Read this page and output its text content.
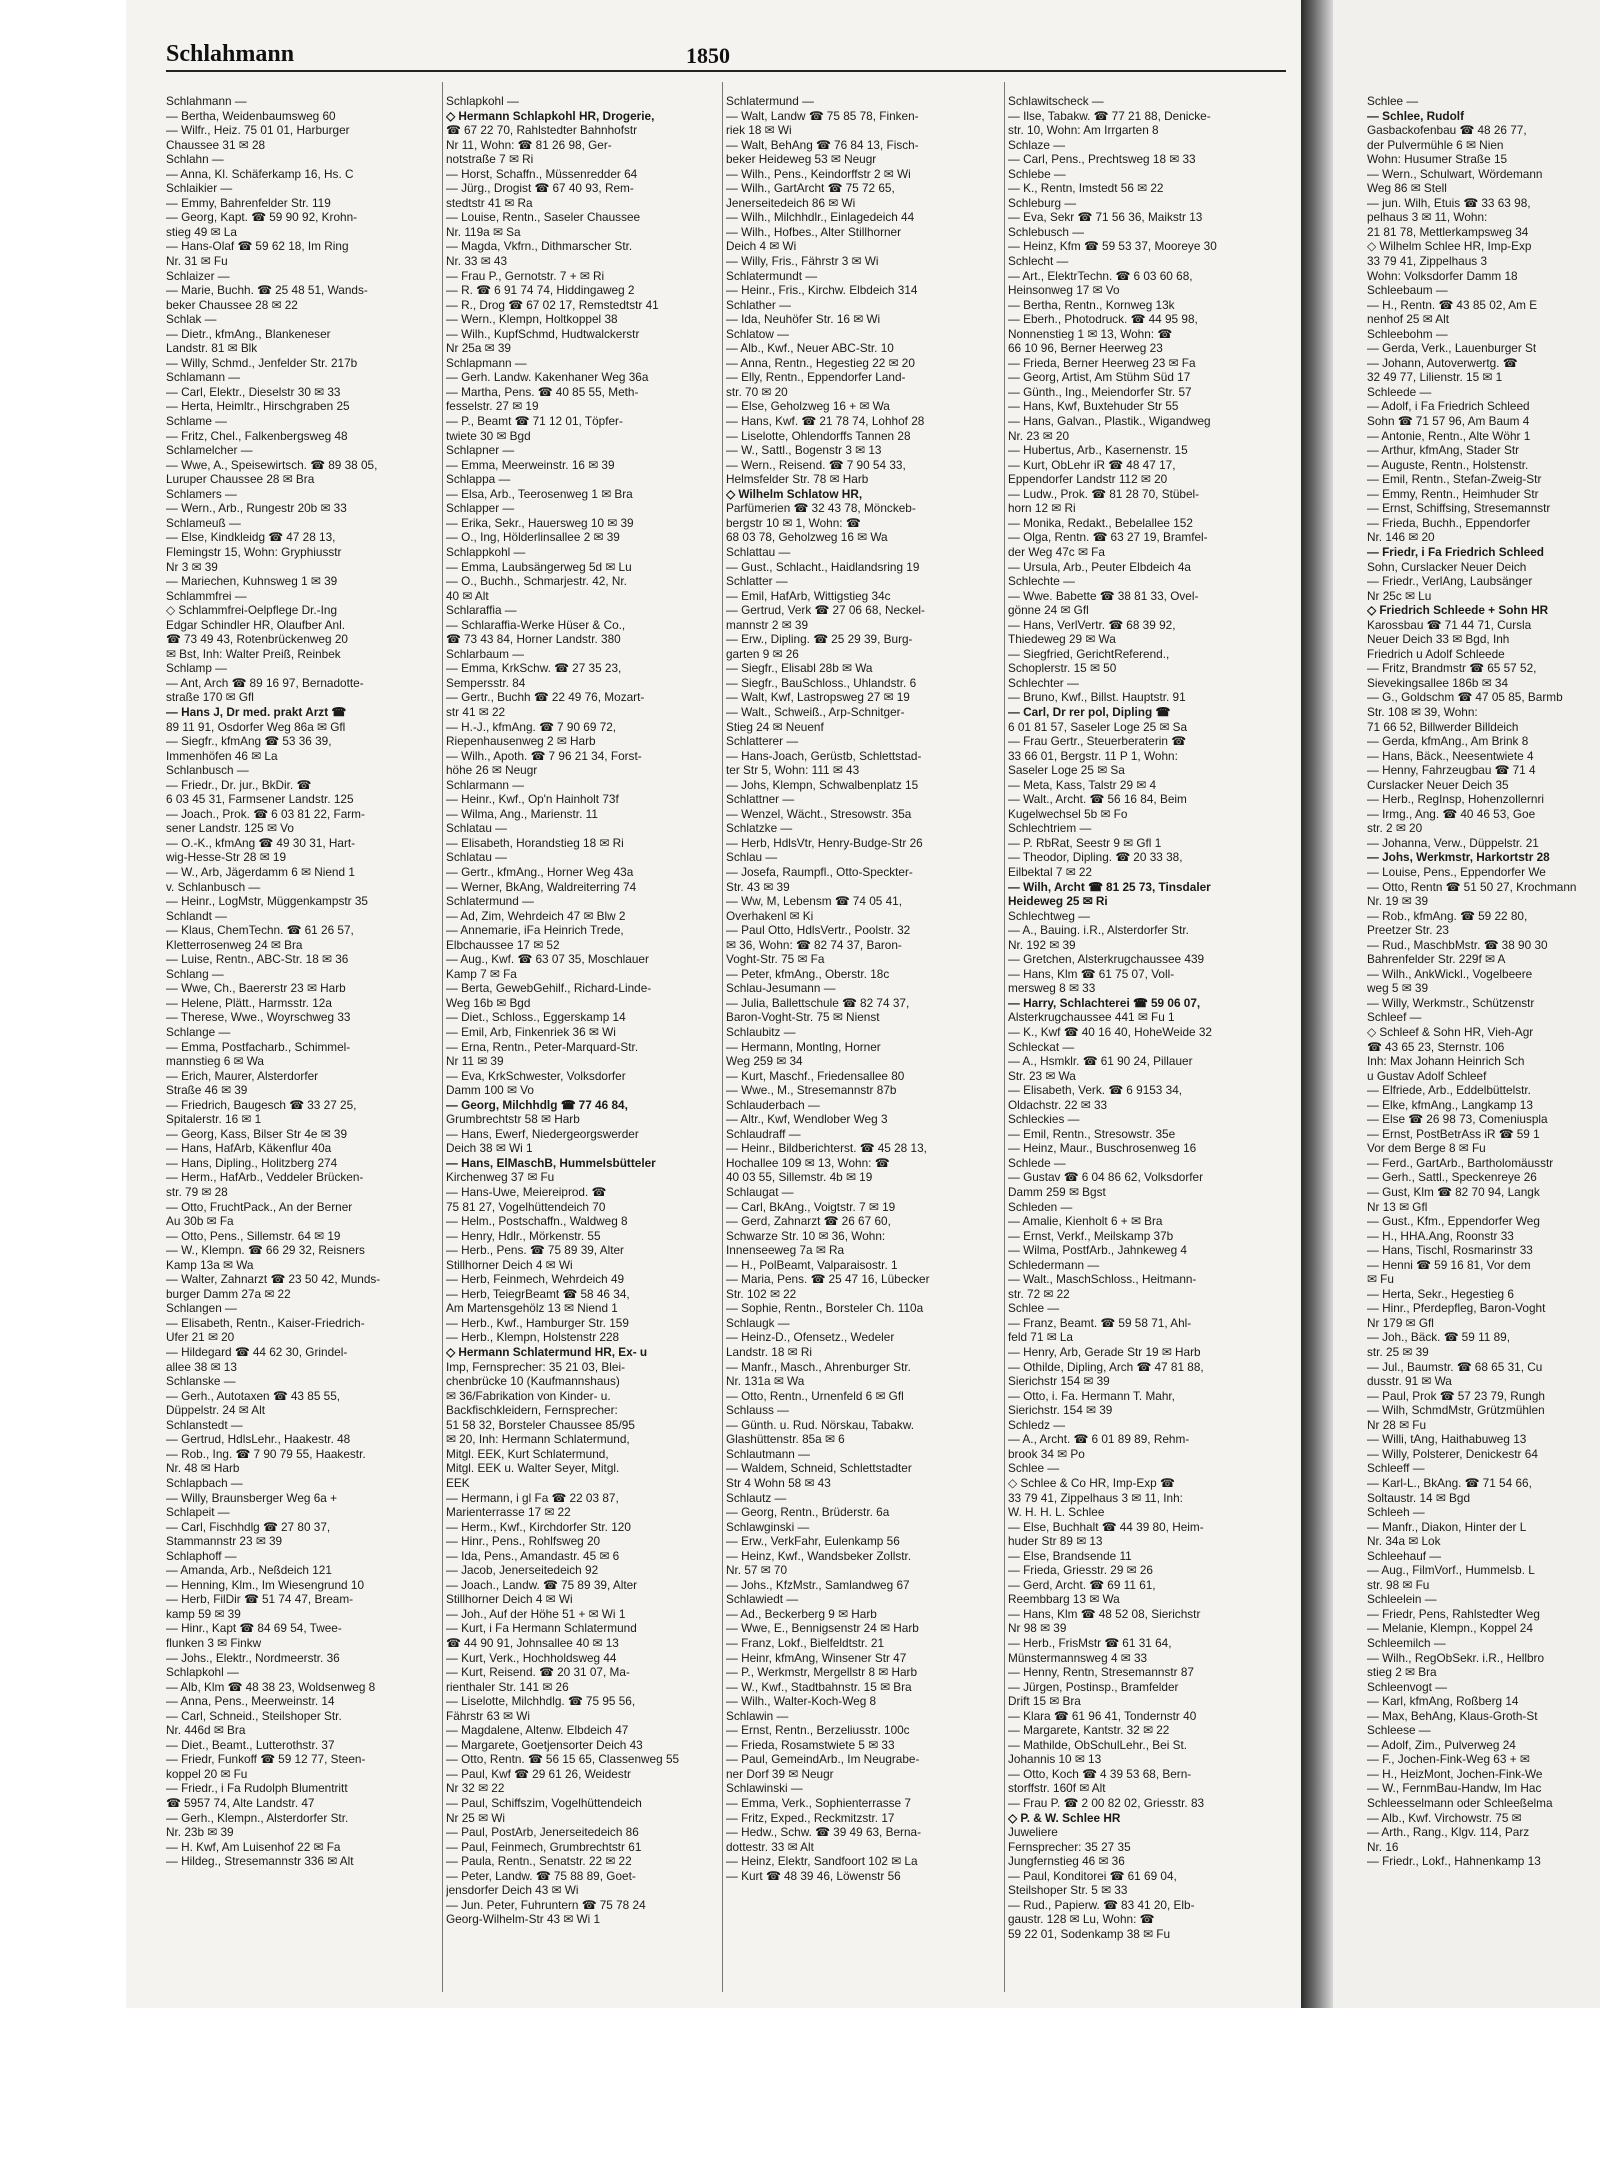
Schlahmann	1850
Schlahmann —
— Bertha, Weidenbaumsweg 60
— Wilfr., Heiz. 75 01 01, Harburger
Chaussee 31 ✉ 28
Schlahn —
— Anna, Kl. Schäferkamp 16, Hs. C
Schlaikier —
— Emmy, Bahrenfelder Str. 119
— Georg, Kapt. ☎ 59 90 92, Krohn-
stieg 49 ✉ La
— Hans-Olaf ☎ 59 62 18, Im Ring
Nr. 31 ✉ Fu
Schlaizer —
— Marie, Buchh. ☎ 25 48 51, Wands-
beker Chaussee 28 ✉ 22
Schlak —
— Dietr., kfmAng., Blankeneser
Landstr. 81 ✉ Blk
— Willy, Schmd., Jenfelder Str. 217b
Schlamann —
— Carl, Elektr., Dieselstr 30 ✉ 33
— Herta, Heimltr., Hirschgraben 25
Schlame —
— Fritz, Chel., Falkenbergsweg 48
Schlamelcher —
— Wwe, A., Speisewirtsch. ☎ 89 38 05,
Luruper Chaussee 28 ✉ Bra
Schlamers —
— Wern., Arb., Rungestr 20b ✉ 33
Schlameuß —
— Else, Kindkleidg ☎ 47 28 13,
Flemingstr 15, Wohn: Gryphiusstr
Nr 3 ✉ 39
— Mariechen, Kuhnsweg 1 ✉ 39
Schlammfrei —
◇ Schlammfrei-Oelpflege Dr.-Ing
Edgar Schindler HR, Olaufber Anl.
☎ 73 49 43, Rotenbrückenweg 20
✉ Bst, Inh: Walter Preiß, Reinbek
Schlamp —
— Ant, Arch ☎ 89 16 97, Bernadotte-
straße 170 ✉ Gfl
— Hans J, Dr med. prakt Arzt ☎
89 11 91, Osdorfer Weg 86a ✉ Gfl
— Siegfr., kfmAng ☎ 53 36 39,
Immenhöfen 46 ✉ La
Schlanbusch —
— Friedr., Dr. jur., BkDir. ☎
6 03 45 31, Farmsener Landstr. 125
— Joach., Prok. ☎ 6 03 81 22, Farm-
sener Landstr. 125 ✉ Vo
— O.-K., kfmAng ☎ 49 30 31, Hart-
wig-Hesse-Str 28 ✉ 19
— W., Arb, Jägerdamm 6 ✉ Niend 1
v. Schlanbusch —
— Heinr., LogMstr, Müggenkampstr 35
Schlandt —
— Klaus, ChemTechn. ☎ 61 26 57,
Kletterrosenweg 24 ✉ Bra
— Luise, Rentn., ABC-Str. 18 ✉ 36
Schlang —
— Wwe, Ch., Baererstr 23 ✉ Harb
— Helene, Plätt., Harmsstr. 12a
— Therese, Wwe., Woyrschweg 33
Schlange —
— Emma, Postfacharb., Schimmel-
mannstieg 6 ✉ Wa
— Erich, Maurer, Alsterdorfer
Straße 46 ✉ 39
— Friedrich, Baugesch ☎ 33 27 25,
Spitalerstr. 16 ✉ 1
— Georg, Kass, Bilser Str 4e ✉ 39
— Hans, HafArb, Käkenflur 40a
— Hans, Dipling., Holitzberg 274
— Herm., HafArb., Veddeler Brücken-
str. 79 ✉ 28
— Otto, FruchtPack., An der Berner
Au 30b ✉ Fa
— Otto, Pens., Sillemstr. 64 ✉ 19
— W., Klempn. ☎ 66 29 32, Reisners
Kamp 13a ✉ Wa
— Walter, Zahnarzt ☎ 23 50 42, Munds-
burger Damm 27a ✉ 22
Schlangen —
— Elisabeth, Rentn., Kaiser-Friedrich-
Ufer 21 ✉ 20
— Hildegard ☎ 44 62 30, Grindel-
allee 38 ✉ 13
Schlanske —
— Gerh., Autotaxen ☎ 43 85 55,
Düppelstr. 24 ✉ Alt
Schlanstedt —
— Gertrud, HdlsLehr., Haakestr. 48
— Rob., Ing. ☎ 7 90 79 55, Haakestr.
Nr. 48 ✉ Harb
Schlapbach —
— Willy, Braunsberger Weg 6a +
Schlapeit —
— Carl, Fischhdlg ☎ 27 80 37,
Stammannstr 23 ✉ 39
Schlaphoff —
— Amanda, Arb., Neßdeich 121
— Henning, Klm., Im Wiesengrund 10
— Herb, FilDir ☎ 51 74 47, Bream-
kamp 59 ✉ 39
— Hinr., Kapt ☎ 84 69 54, Twee-
flunken 3 ✉ Finkw
— Johs., Elektr., Nordmeerstr. 36
Schlapkohl —
— Alb, Klm ☎ 48 38 23, Woldsenweg 8
— Anna, Pens., Meerweinstr. 14
— Carl, Schneid., Steilshoper Str.
Nr. 446d ✉ Bra
— Diet., Beamt., Lutterothstr. 37
— Friedr, Funkoff ☎ 59 12 77, Steen-
koppel 20 ✉ Fu
— Friedr., i Fa Rudolph Blumentritt
☎ 5957 74, Alte Landstr. 47
— Gerh., Klempn., Alsterdorfer Str.
Nr. 23b ✉ 39
— H. Kwf, Am Luisenhof 22 ✉ Fa
— Hildeg., Stresemannstr 336 ✉ Alt
Schlapkohl —
◇ Hermann Schlapkohl HR, Drogerie,
☎ 67 22 70, Rahlstedter Bahnhofstr
Nr 11, Wohn: ☎ 81 26 98, Ger-
notstraße 7 ✉ Ri
— Horst, Schaffn., Müssenredder 64
— Jürg., Drogist ☎ 67 40 93, Rem-
stedtstr 41 ✉ Ra
— Louise, Rentn., Saseler Chaussee
Nr. 119a ✉ Sa
— Magda, Vkfrn., Dithmarscher Str.
Nr. 33 ✉ 43
— Frau P., Gernotstr. 7 + ✉ Ri
— R. ☎ 6 91 74 74, Hiddingaweg 2
— R., Drog ☎ 67 02 17, Remstedtstr 41
— Wern., Klempn, Holtkoppel 38
— Wilh., KupfSchmd, Hudtwalckerstr
Nr 25a ✉ 39
Schlapmann —
— Gerh. Landw. Kakenhaner Weg 36a
— Martha, Pens. ☎ 40 85 55, Meth-
fesselstr. 27 ✉ 19
— P., Beamt ☎ 71 12 01, Töpfer-
twiete 30 ✉ Bgd
Schlapner —
— Emma, Meerweinstr. 16 ✉ 39
Schlappa —
— Elsa, Arb., Teerosenweg 1 ✉ Bra
Schlapper —
— Erika, Sekr., Hauersweg 10 ✉ 39
— O., Ing, Hölderlinsallee 2 ✉ 39
Schlappkohl —
— Emma, Laubsängerweg 5d ✉ Lu
— O., Buchh., Schmarjestr. 42, Nr.
40 ✉ Alt
Schlaraffia —
— Schlaraffia-Werke Hüser & Co.,
☎ 73 43 84, Horner Landstr. 380
Schlarbaum —
— Emma, KrkSchw. ☎ 27 35 23,
Sempersstr. 84
— Gertr., Buchh ☎ 22 49 76, Mozart-
str 41 ✉ 22
— H.-J., kfmAng. ☎ 7 90 69 72,
Riepenhausenweg 2 ✉ Harb
— Wilh., Apoth. ☎ 7 96 21 34, Forst-
höhe 26 ✉ Neugr
Schlarmann —
— Heinr., Kwf., Op'n Hainholt 73f
— Wilma, Ang., Marienstr. 11
Schlatau —
— Elisabeth, Horandstieg 18 ✉ Ri
Schlatau —
— Gertr., kfmAng., Horner Weg 43a
— Werner, BkAng, Waldreiterring 74
Schlatermund —
— Ad, Zim, Wehrdeich 47 ✉ Blw 2
— Annemarie, iFa Heinrich Trede,
Elbchaussee 17 ✉ 52
— Aug., Kwf. ☎ 63 07 35, Moschlauer
Kamp 7 ✉ Fa
— Berta, GewebGehilf., Richard-Linde-
Weg 16b ✉ Bgd
— Diet., Schloss., Eggerskamp 14
— Emil, Arb, Finkenriek 36 ✉ Wi
— Erna, Rentn., Peter-Marquard-Str.
Nr 11 ✉ 39
— Eva, KrkSchwester, Volksdorfer
Damm 100 ✉ Vo
— Georg, Milchhdlg ☎ 77 46 84,
Grumbrechtstr 58 ✉ Harb
— Hans, Ewerf, Niedergeorgswerder
Deich 38 ✉ Wi 1
— Hans, ElMaschB, Hummelsbütteler
Kirchenweg 37 ✉ Fu
— Hans-Uwe, Meiereiprod. ☎
75 81 27, Vogelhüttendeich 70
— Helm., Postschaffn., Waldweg 8
— Henry, Hdlr., Mörkenstr. 55
— Herb., Pens. ☎ 75 89 39, Alter
Stillhorner Deich 4 ✉ Wi
— Herb, Feinmech, Wehrdeich 49
— Herb, TeiegrBeamt ☎ 58 46 34,
Am Martensgehölz 13 ✉ Niend 1
— Herb., Kwf., Hamburger Str. 159
— Herb., Klempn, Holstenstr 228
◇ Hermann Schlatermund HR, Ex- u
Imp, Fernsprecher: 35 21 03, Blei-
chenbrücke 10 (Kaufmannshaus)
✉ 36/Fabrikation von Kinder- u.
Backfischkleidern, Fernsprecher:
51 58 32, Borsteler Chaussee 85/95
✉ 20, Inh: Hermann Schlatermund,
Mitgl. EEK, Kurt Schlatermund,
Mitgl. EEK u. Walter Seyer, Mitgl.
EEK
— Hermann, i gl Fa ☎ 22 03 87,
Marienterrasse 17 ✉ 22
— Herm., Kwf., Kirchdorfer Str. 120
— Hinr., Pens., Rohlfsweg 20
— Ida, Pens., Amandastr. 45 ✉ 6
— Jacob, Jenerseitedeich 92
— Joach., Landw. ☎ 75 89 39, Alter
Stillhorner Deich 4 ✉ Wi
— Joh., Auf der Höhe 51 + ✉ Wi 1
— Kurt, i Fa Hermann Schlatermund
☎ 44 90 91, Johnsallee 40 ✉ 13
— Kurt, Verk., Hochholdsweg 44
— Kurt, Reisend. ☎ 20 31 07, Ma-
rienthaler Str. 141 ✉ 26
— Liselotte, Milchhdlg. ☎ 75 95 56,
Fährstr 63 ✉ Wi
— Magdalene, Altenw. Elbdeich 47
— Margarete, Goetjensorter Deich 43
— Otto, Rentn. ☎ 56 15 65, Classenweg 55
— Paul, Kwf ☎ 29 61 26, Weidestr
Nr 32 ✉ 22
— Paul, Schiffszim, Vogelhüttendeich
Nr 25 ✉ Wi
— Paul, PostArb, Jenerseitedeich 86
— Paul, Feinmech, Grumbrechtstr 61
— Paula, Rentn., Senatstr. 22 ✉ 22
— Peter, Landw. ☎ 75 88 89, Goet-
jensdorfer Deich 43 ✉ Wi
— Jun. Peter, Fuhruntern ☎ 75 78 24
Georg-Wilhelm-Str 43 ✉ Wi 1
Schlatermund —
— Walt, Landw ☎ 75 85 78, Finken-
riek 18 ✉ Wi
— Walt, BehAng ☎ 76 84 13, Fisch-
beker Heideweg 53 ✉ Neugr
— Wilh., Pens., Keindorffstr 2 ✉ Wi
— Wilh., GartArcht ☎ 75 72 65,
Jenerseitedeich 86 ✉ Wi
— Wilh., Milchhdlr., Einlagedeich 44
— Wilh., Hofbes., Alter Stillhorner
Deich 4 ✉ Wi
— Willy, Fris., Fährstr 3 ✉ Wi
Schlatermundt —
— Heinr., Fris., Kirchw. Elbdeich 314
Schlather —
— Ida, Neuhöfer Str. 16 ✉ Wi
Schlatow —
— Alb., Kwf., Neuer ABC-Str. 10
— Anna, Rentn., Hegestieg 22 ✉ 20
— Elly, Rentn., Eppendorfer Land-
str. 70 ✉ 20
— Else, Geholzweg 16 + ✉ Wa
— Hans, Kwf. ☎ 21 78 74, Lohhof 28
— Liselotte, Ohlendorffs Tannen 28
— W., Sattl., Bogenstr 3 ✉ 13
— Wern., Reisend. ☎ 7 90 54 33,
Helmsfelder Str. 78 ✉ Harb
◇ Wilhelm Schlatow HR,
Parfümerien ☎ 32 43 78, Mönckeb-
bergstr 10 ✉ 1, Wohn: ☎
68 03 78, Geholzweg 16 ✉ Wa
Schlattau —
— Gust., Schlacht., Haidlandsring 19
Schlatter —
— Emil, HafArb, Wittigstieg 34c
— Gertrud, Verk ☎ 27 06 68, Neckel-
mannstr 2 ✉ 39
— Erw., Dipling. ☎ 25 29 39, Burg-
garten 9 ✉ 26
— Siegfr., Elisabl 28b ✉ Wa
— Siegfr., BauSchloss., Uhlandstr. 6
— Walt, Kwf, Lastropsweg 27 ✉ 19
— Walt., Schweiß., Arp-Schnitger-
Stieg 24 ✉ Neuenf
Schlatterer —
— Hans-Joach, Gerüstb, Schlettstad-
ter Str 5, Wohn: 111 ✉ 43
— Johs, Klempn, Schwalbenplatz 15
Schlattner —
— Wenzel, Wächt., Stresowstr. 35a
Schlatzke —
— Herb, HdlsVtr, Henry-Budge-Str 26
Schlau —
— Josefa, Raumpfl., Otto-Speckter-
Str. 43 ✉ 39
— Ww, M, Lebensm ☎ 74 05 41,
Overhakenl ✉ Ki
— Paul Otto, HdlsVertr., Poolstr. 32
✉ 36, Wohn: ☎ 82 74 37, Baron-
Voght-Str. 75 ✉ Fa
— Peter, kfmAng., Oberstr. 18c
Schlau-Jesumann —
— Julia, Ballettschule ☎ 82 74 37,
Baron-Voght-Str. 75 ✉ Nienst
Schlaubitz —
— Hermann, Montlng, Horner
Weg 259 ✉ 34
— Kurt, Maschf., Friedensallee 80
— Wwe., M., Stresemannstr 87b
Schlauderbach —
— Altr., Kwf, Wendlober Weg 3
Schlaudraff —
— Heinr., Bildberichterst. ☎ 45 28 13,
Hochallee 109 ✉ 13, Wohn: ☎
40 03 55, Sillemstr. 4b ✉ 19
Schlaugat —
— Carl, BkAng., Voigtstr. 7 ✉ 19
— Gerd, Zahnarzt ☎ 26 67 60,
Schwarze Str. 10 ✉ 36, Wohn:
Innenseeweg 7a ✉ Ra
— H., PolBeamt, Valparaisostr. 1
— Maria, Pens. ☎ 25 47 16, Lübecker
Str. 102 ✉ 22
— Sophie, Rentn., Borsteler Ch. 110a
Schlaugk —
— Heinz-D., Ofensetz., Wedeler
Landstr. 18 ✉ Ri
— Manfr., Masch., Ahrenburger Str.
Nr. 131a ✉ Wa
— Otto, Rentn., Urnenfeld 6 ✉ Gfl
Schlauss —
— Günth. u. Rud. Nörskau, Tabakw.
Glashüttenstr. 85a ✉ 6
Schlautmann —
— Waldem, Schneid, Schlettstadter
Str 4 Wohn 58 ✉ 43
Schlautz —
— Georg, Rentn., Brüderstr. 6a
Schlawginski —
— Erw., VerkFahr, Eulenkamp 56
— Heinz, Kwf., Wandsbeker Zollstr.
Nr. 57 ✉ 70
— Johs., KfzMstr., Samlandweg 67
Schlawiedt —
— Ad., Beckerberg 9 ✉ Harb
— Wwe, E., Bennigsenstr 24 ✉ Harb
— Franz, Lokf., Bielfeldtstr. 21
— Heinr, kfmAng, Winsener Str 47
— P., Werkmstr, Mergellstr 8 ✉ Harb
— W., Kwf., Stadtbahnstr. 15 ✉ Bra
— Wilh., Walter-Koch-Weg 8
Schlawin —
— Ernst, Rentn., Berzeliusstr. 100c
— Frieda, Rosamstwiete 5 ✉ 33
— Paul, GemeindArb., Im Neugrabe-
ner Dorf 39 ✉ Neugr
Schlawinski —
— Emma, Verk., Sophienterrasse 7
— Fritz, Exped., Reckmitzstr. 17
— Hedw., Schw. ☎ 39 49 63, Berna-
dottestr. 33 ✉ Alt
— Heinz, Elektr, Sandfoort 102 ✉ La
— Kurt ☎ 48 39 46, Löwenstr 56
Schlawitscheck —
— Ilse, Tabakw. ☎ 77 21 88, Denicke-
str. 10, Wohn: Am Irrgarten 8
Schlaze —
— Carl, Pens., Prechtsweg 18 ✉ 33
Schlebe —
— K., Rentn, Imstedt 56 ✉ 22
Schleburg —
— Eva, Sekr ☎ 71 56 36, Maikstr 13
Schlebusch —
— Heinz, Kfm ☎ 59 53 37, Mooreye 30
Schlecht —
— Art., ElektrTechn. ☎ 6 03 60 68,
Heinsonweg 17 ✉ Vo
— Bertha, Rentn., Kornweg 13k
— Eberh., Photodruck. ☎ 44 95 98,
Nonnenstieg 1 ✉ 13, Wohn: ☎
66 10 96, Berner Heerweg 23
— Frieda, Berner Heerweg 23 ✉ Fa
— Georg, Artist, Am Stühm Süd 17
— Günth., Ing., Meiendorfer Str. 57
— Hans, Kwf, Buxtehuder Str 55
— Hans, Galvan., Plastik., Wigandweg
Nr. 23 ✉ 20
— Hubertus, Arb., Kasernenstr. 15
— Kurt, ObLehr iR ☎ 48 47 17,
Eppendorfer Landstr 112 ✉ 20
— Ludw., Prok. ☎ 81 28 70, Stübel-
horn 12 ✉ Ri
— Monika, Redakt., Bebelallee 152
— Olga, Rentn. ☎ 63 27 19, Bramfel-
der Weg 47c ✉ Fa
— Ursula, Arb., Peuter Elbdeich 4a
Schlechte —
— Wwe. Babette ☎ 38 81 33, Ovel-
gönne 24 ✉ Gfl
— Hans, VerlVertr. ☎ 68 39 92,
Thiedeweg 29 ✉ Wa
— Siegfried, GerichtReferend.,
Schoplerstr. 15 ✉ 50
Schlechter —
— Bruno, Kwf., Billst. Hauptstr. 91
— Carl, Dr rer pol, Dipling ☎
6 01 81 57, Saseler Loge 25 ✉ Sa
— Frau Gertr., Steuerberaterin ☎
33 66 01, Bergstr. 11 P 1, Wohn:
Saseler Loge 25 ✉ Sa
— Meta, Kass, Talstr 29 ✉ 4
— Walt., Archt. ☎ 56 16 84, Beim
Kugelwechsel 5b ✉ Fo
Schlechtriem —
— P. RbRat, Seestr 9 ✉ Gfl 1
— Theodor, Dipling. ☎ 20 33 38,
Eilbektal 7 ✉ 22
— Wilh, Archt ☎ 81 25 73, Tinsdaler
Heideweg 25 ✉ Ri
Schlechtweg —
— A., Bauing. i.R., Alsterdorfer Str.
Nr. 192 ✉ 39
— Gretchen, Alsterkrugchaussee 439
— Hans, Klm ☎ 61 75 07, Voll-
mersweg 8 ✉ 33
— Harry, Schlachterei ☎ 59 06 07,
Alsterkrugchaussee 441 ✉ Fu 1
— K., Kwf ☎ 40 16 40, HoheWeide 32
Schleckat —
— A., Hsmklr. ☎ 61 90 24, Pillauer
Str. 23 ✉ Wa
— Elisabeth, Verk. ☎ 6 9153 34,
Oldachstr. 22 ✉ 33
Schleckies —
— Emil, Rentn., Stresowstr. 35e
— Heinz, Maur., Buschrosenweg 16
Schlede —
— Gustav ☎ 6 04 86 62, Volksdorfer
Damm 259 ✉ Bgst
Schleden —
— Amalie, Kienholt 6 + ✉ Bra
— Ernst, Verkf., Meilskamp 37b
— Wilma, PostfArb., Jahnkeweg 4
Schledermann —
— Walt., MaschSchloss., Heitmann-
str. 72 ✉ 22
Schlee —
— Franz, Beamt. ☎ 59 58 71, Ahl-
feld 71 ✉ La
— Henry, Arb, Gerade Str 19 ✉ Harb
— Othilde, Dipling, Arch ☎ 47 81 88,
Sierichstr 154 ✉ 39
— Otto, i. Fa. Hermann T. Mahr,
Sierichstr. 154 ✉ 39
Schledz —
— A., Archt. ☎ 6 01 89 89, Rehm-
brook 34 ✉ Po
Schlee —
◇ Schlee & Co HR, Imp-Exp ☎
33 79 41, Zippelhaus 3 ✉ 11, Inh:
W. H. H. L. Schlee
— Else, Buchhalt ☎ 44 39 80, Heim-
huder Str 89 ✉ 13
— Else, Brandsende 11
— Frieda, Griesstr. 29 ✉ 26
— Gerd, Archt. ☎ 69 11 61,
Reembbarg 13 ✉ Wa
— Hans, Klm ☎ 48 52 08, Sierichstr
Nr 98 ✉ 39
— Herb., FrisMstr ☎ 61 31 64,
Münstermannsweg 4 ✉ 33
— Henny, Rentn, Stresemannstr 87
— Jürgen, Postinsp., Bramfelder
Drift 15 ✉ Bra
— Klara ☎ 61 96 41, Tondernstr 40
— Margarete, Kantstr. 32 ✉ 22
— Mathilde, ObSchulLehr., Bei St.
Johannis 10 ✉ 13
— Otto, Koch ☎ 4 39 53 68, Bern-
storffstr. 160f ✉ Alt
— Frau P. ☎ 2 00 82 02, Griesstr. 83
◇ P. & W. Schlee HR
Juweliere
Fernsprecher: 35 27 35
Jungfernstieg 46 ✉ 36
— Paul, Konditorei ☎ 61 69 04,
Steilshoper Str. 5 ✉ 33
— Rud., Papierw. ☎ 83 41 20, Elb-
gaustr. 128 ✉ Lu, Wohn: ☎
59 22 01, Sodenkamp 38 ✉ Fu
Schlee —
— Schlee, Rudolf
Gasbackofenbau ☎ 48 26 77,
der Pulvermühle 6 ✉ Nien
Wohn: Husumer Straße 15
— Wern., Schulwart, Wördemann
Weg 86 ✉ Stell
— jun. Wilh, Etuis ☎ 33 63 98,
pelhaus 3 ✉ 11, Wohn:
21 81 78, Mettlerkampsweg 34
◇ Wilhelm Schlee HR, Imp-Exp
33 79 41, Zippelhaus 3
Wohn: Volksdorfer Damm 18
Schleebaum —
— H., Rentn. ☎ 43 85 02, Am E
nenhof 25 ✉ Alt
Schleebohm —
— Gerda, Verk., Lauenburger St
— Johann, Autoverwertg. ☎
32 49 77, Lilienstr. 15 ✉ 1
Schleede —
— Adolf, i Fa Friedrich Schleed
Sohn ☎ 71 57 96, Am Baum 4
— Antonie, Rentn., Alte Wöhr 1
— Arthur, kfmAng, Stader Str
— Auguste, Rentn., Holstenstr.
— Emil, Rentn., Stefan-Zweig-Str
— Emmy, Rentn., Heimhuder Str
— Ernst, Schiffsing, Stresemannstr
— Frieda, Buchh., Eppendorfer
Nr. 146 ✉ 20
— Friedr, i Fa Friedrich Schleed
Sohn, Curslacker Neuer Deich
— Friedr., VerlAng, Laubsänger
Nr 25c ✉ Lu
◇ Friedrich Schleede + Sohn HR
Karossbau ☎ 71 44 71, Cursla
Neuer Deich 33 ✉ Bgd, Inh
Friedrich u Adolf Schleede
— Fritz, Brandmstr ☎ 65 57 52,
Sievekingsallee 186b ✉ 34
— G., Goldschm ☎ 47 05 85, Barmb
Str. 108 ✉ 39, Wohn:
71 66 52, Billwerder Billdeich
— Gerda, kfmAng., Am Brink 8
— Hans, Bäck., Neesentwiete 4
— Henny, Fahrzeugbau ☎ 71 4
Curslacker Neuer Deich 35
— Herb., RegInsp, Hohenzollernri
— Irmg., Ang. ☎ 40 46 53, Goe
str. 2 ✉ 20
— Johanna, Verw., Düppelstr. 21
— Johs, Werkmstr, Harkortstr 28
— Louise, Pens., Eppendorfer We
— Otto, Rentn ☎ 51 50 27, Krochmann
Nr. 19 ✉ 39
— Rob., kfmAng. ☎ 59 22 80,
Preetzer Str. 23
— Rud., MaschbMstr. ☎ 38 90 30
Bahrenfelder Str. 229f ✉ A
— Wilh., AnkWickl., Vogelbeere
weg 5 ✉ 39
— Willy, Werkmstr., Schützenstr
Schleef —
◇ Schleef & Sohn HR, Vieh-Agr
☎ 43 65 23, Sternstr. 106
Inh: Max Johann Heinrich Sch
u Gustav Adolf Schleef
— Elfriede, Arb., Eddelbüttelstr.
— Elke, kfmAng., Langkamp 13
— Else ☎ 26 98 73, Comeniuspla
— Ernst, PostBetrAss iR ☎ 59 1
Vor dem Berge 8 ✉ Fu
— Ferd., GartArb., Bartholomäusstr
— Gerh., Sattl., Speckenreye 26
— Gust, Klm ☎ 82 70 94, Langk
Nr 13 ✉ Gfl
— Gust., Kfm., Eppendorfer Weg
— H., HHA.Ang, Roonstr 33
— Hans, Tischl, Rosmarinstr 33
— Henni ☎ 59 16 81, Vor dem
✉ Fu
— Herta, Sekr., Hegestieg 6
— Hinr., Pferdepfleg, Baron-Voght
Nr 179 ✉ Gfl
— Joh., Bäck. ☎ 59 11 89,
str. 25 ✉ 39
— Jul., Baumstr. ☎ 68 65 31, Cu
dusstr. 91 ✉ Wa
— Paul, Prok ☎ 57 23 79, Rungh
— Wilh, SchmdMstr, Grützmühlen
Nr 28 ✉ Fu
— Willi, tAng, Haithabuweg 13
— Willy, Polsterer, Denickestr 64
Schleeff —
— Karl-L., BkAng. ☎ 71 54 66,
Soltaustr. 14 ✉ Bgd
Schleeh —
— Manfr., Diakon, Hinter der L
Nr. 34a ✉ Lok
Schleehauf —
— Aug., FilmVorf., Hummelsb. L
str. 98 ✉ Fu
Schleelein —
— Friedr, Pens, Rahlstedter Weg
— Melanie, Klempn., Koppel 24
Schleemilch —
— Wilh., RegObSekr. i.R., Hellbro
stieg 2 ✉ Bra
Schleenvogt —
— Karl, kfmAng, Roßberg 14
— Max, BehAng, Klaus-Groth-St
Schleese —
— Adolf, Zim., Pulverweg 24
— F., Jochen-Fink-Weg 63 + ✉
— H., HeizMont, Jochen-Fink-We
— W., FernmBau-Handw, Im Hac
Schleesselmann oder Schleeßelma
— Alb., Kwf. Virchowstr. 75 ✉
— Arth., Rang., Klgv. 114, Parz
Nr. 16
— Friedr., Lokf., Hahnenkamp 13
